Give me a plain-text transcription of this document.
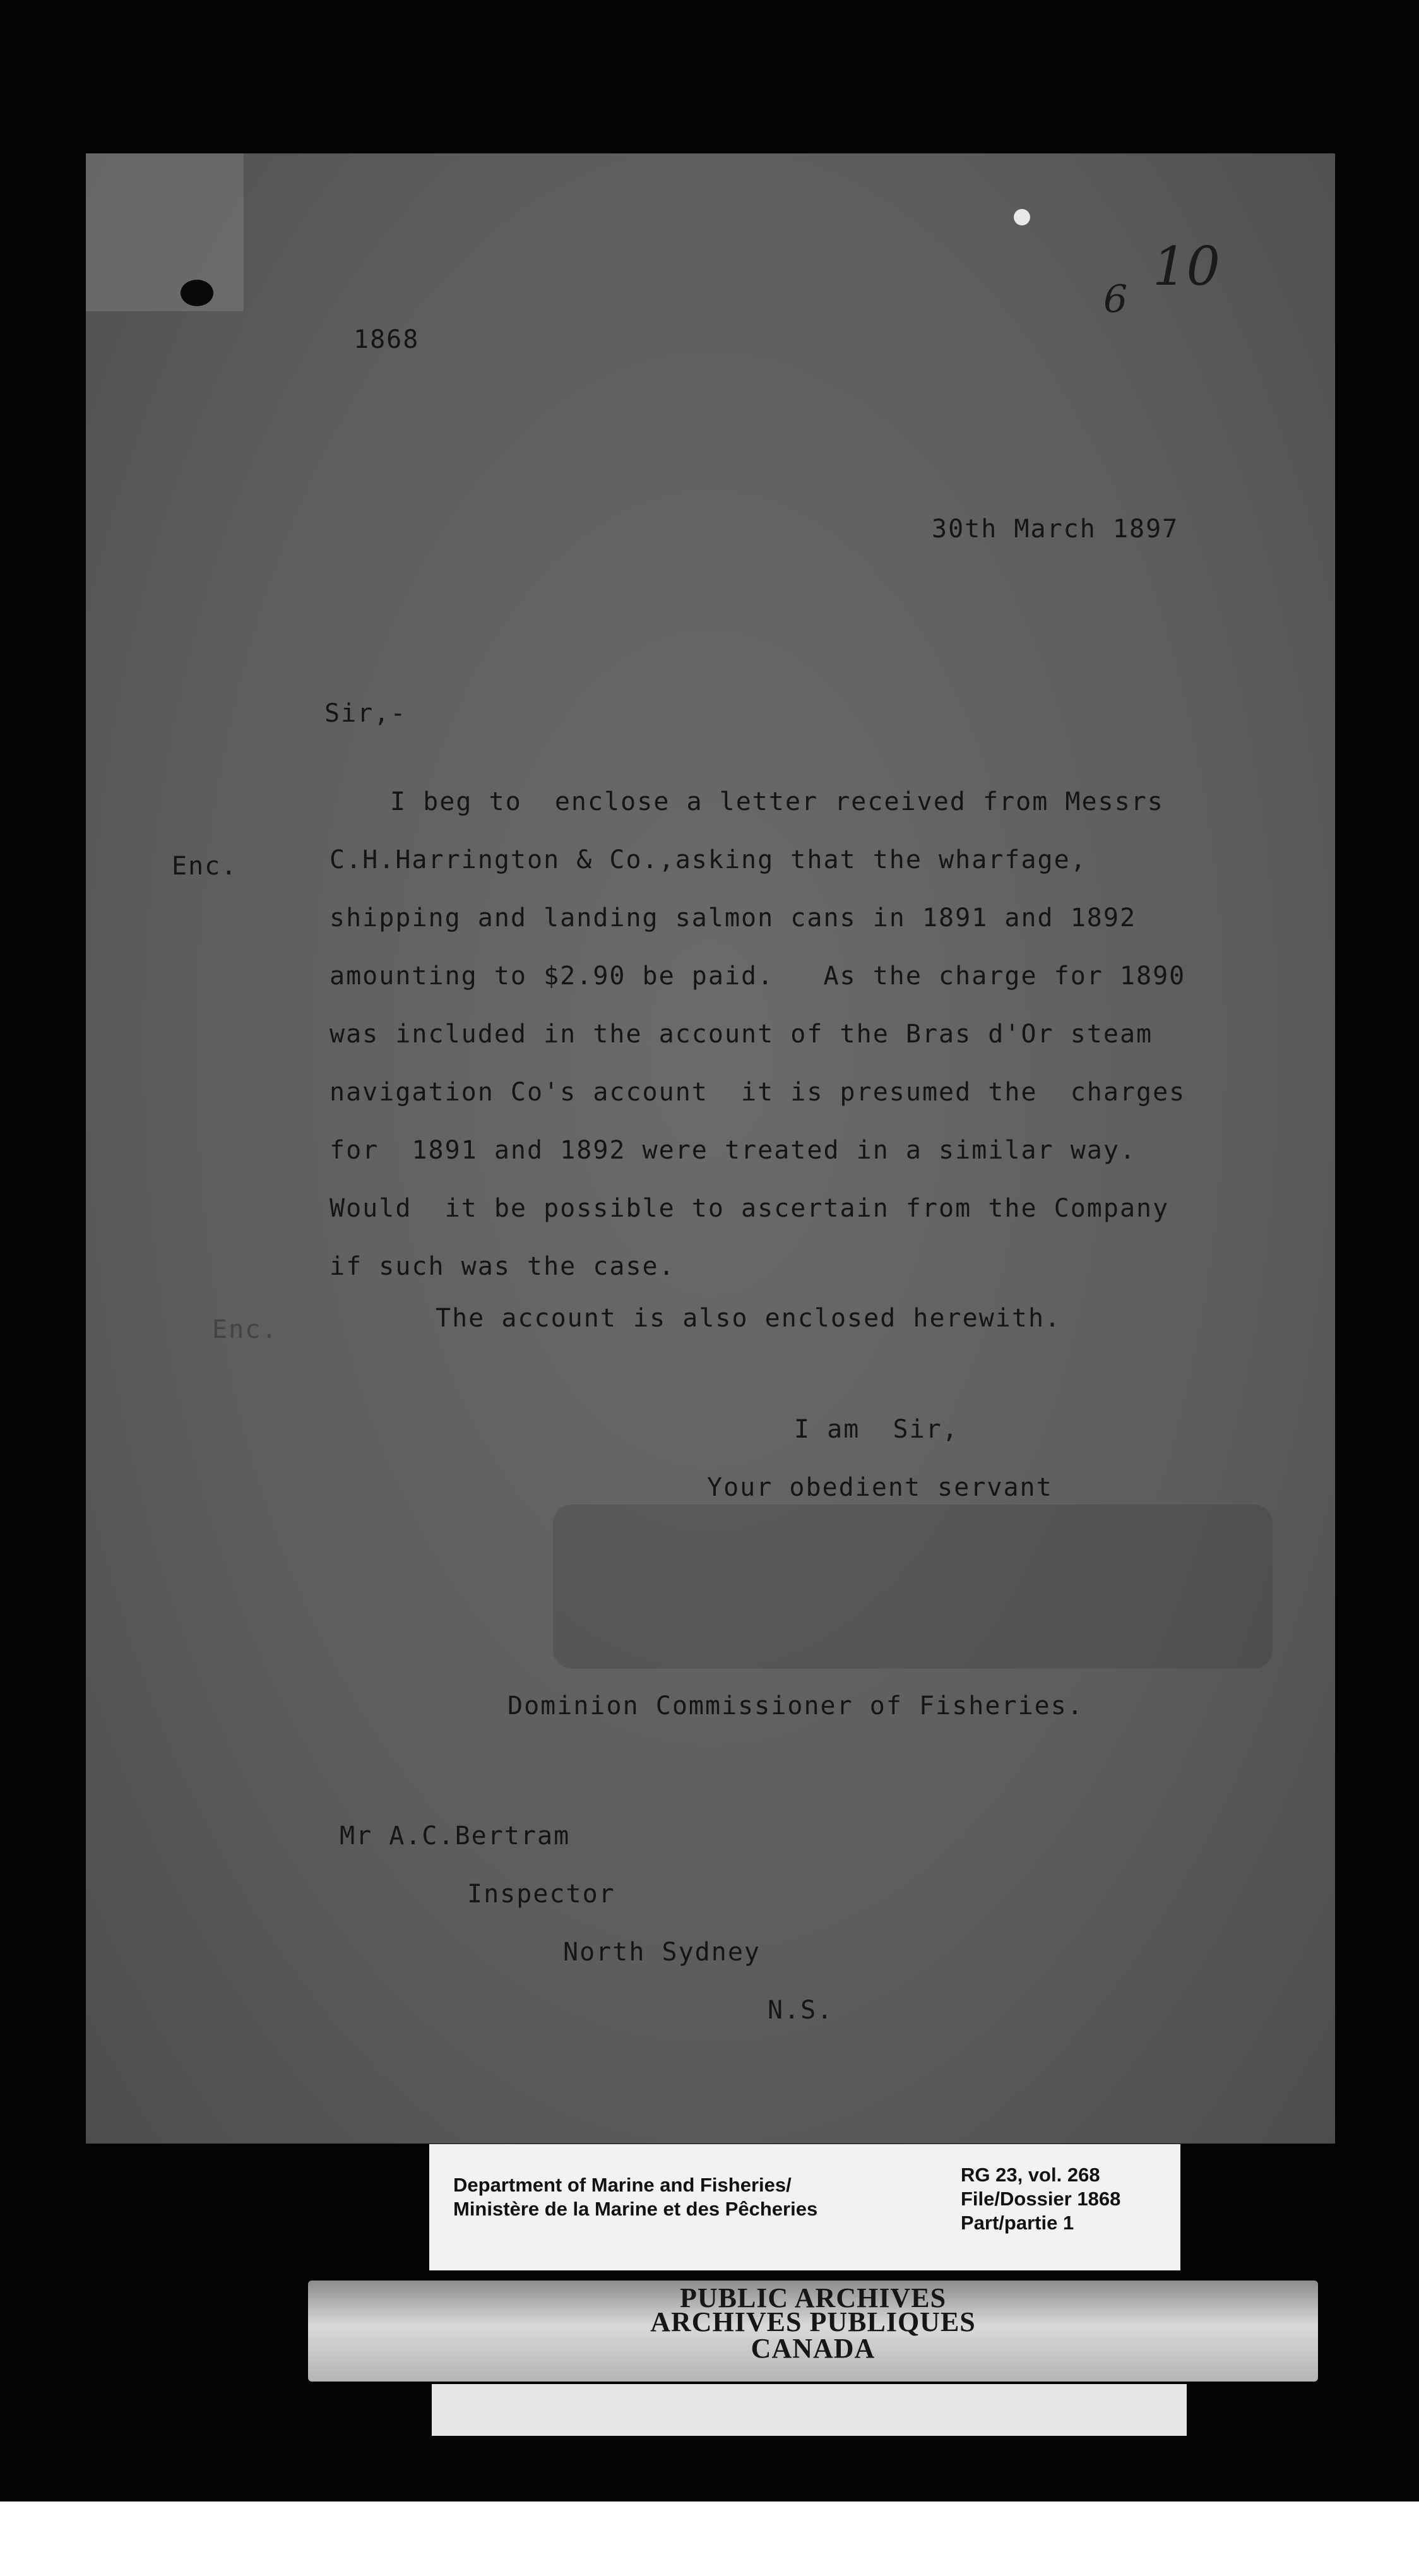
10
6
1868
30th March 1897
Sir,-
Enc.
Enc.
I beg to  enclose a letter received from Messrs
C.H.Harrington & Co.,asking that the wharfage,
shipping and landing salmon cans in 1891 and 1892
amounting to $2.90 be paid.   As the charge for 1890
was included in the account of the Bras d'Or steam
navigation Co's account  it is presumed the  charges
for  1891 and 1892 were treated in a similar way.
Would  it be possible to ascertain from the Company
if such was the case.
The account is also enclosed herewith.
I am  Sir,
Your obedient servant
Dominion Commissioner of Fisheries.
Mr A.C.Bertram
Inspector
North Sydney
N.S.
Department of Marine and Fisheries/
Ministère de la Marine et des Pêcheries
RG 23, vol. 268
File/Dossier 1868
Part/partie 1
PUBLIC ARCHIVES
ARCHIVES PUBLIQUES
CANADA
